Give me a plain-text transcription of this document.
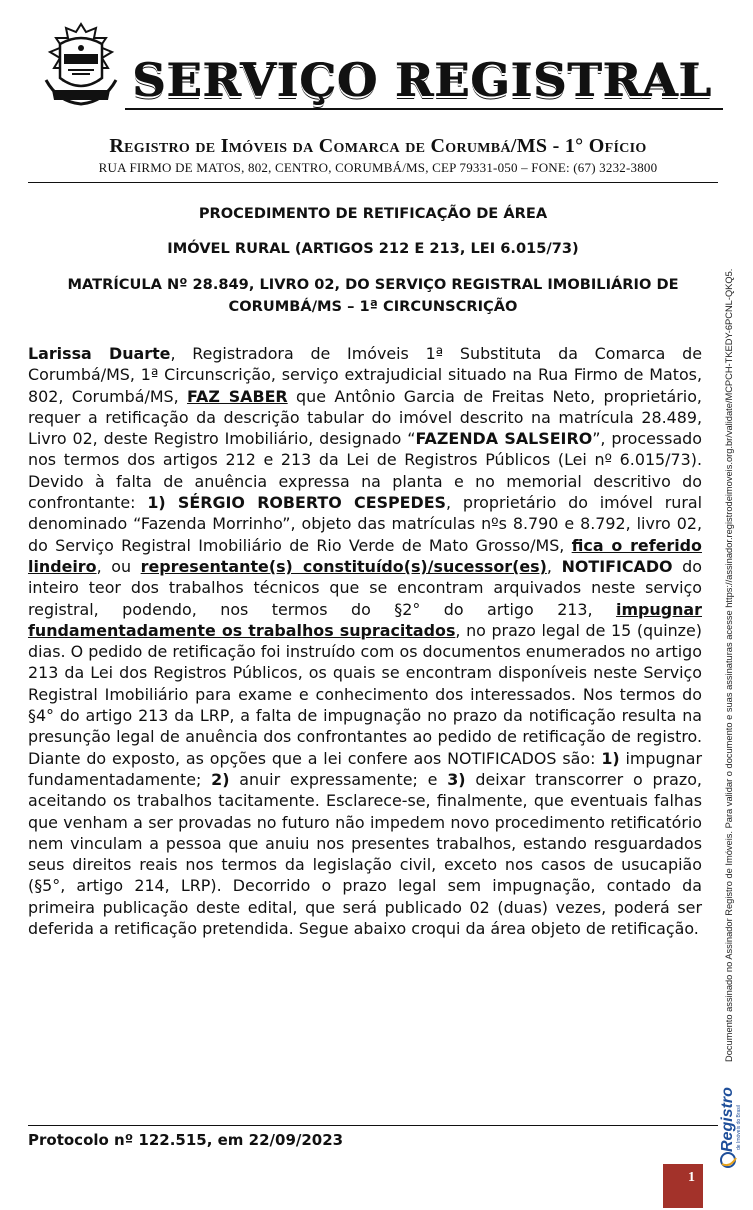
SERVIÇO REGISTRAL
Registro de Imóveis da Comarca de Corumbá/MS - 1° Ofício
RUA FIRMO DE MATOS, 802, CENTRO, CORUMBÁ/MS, CEP 79331-050 – FONE: (67) 3232-3800
PROCEDIMENTO DE RETIFICAÇÃO DE ÁREA
IMÓVEL RURAL (ARTIGOS 212 E 213, LEI 6.015/73)
MATRÍCULA Nº 28.849, LIVRO 02, DO SERVIÇO REGISTRAL IMOBILIÁRIO DE CORUMBÁ/MS – 1ª CIRCUNSCRIÇÃO
Larissa Duarte, Registradora de Imóveis 1ª Substituta da Comarca de Corumbá/MS, 1ª Circunscrição, serviço extrajudicial situado na Rua Firmo de Matos, 802, Corumbá/MS, FAZ SABER que Antônio Garcia de Freitas Neto, proprietário, requer a retificação da descrição tabular do imóvel descrito na matrícula 28.489, Livro 02, deste Registro Imobiliário, designado “FAZENDA SALSEIRO”, processado nos termos dos artigos 212 e 213 da Lei de Registros Públicos (Lei nº 6.015/73). Devido à falta de anuência expressa na planta e no memorial descritivo do confrontante: 1) SÉRGIO ROBERTO CESPEDES, proprietário do imóvel rural denominado “Fazenda Morrinho”, objeto das matrículas nºs 8.790 e 8.792, livro 02, do Serviço Registral Imobiliário de Rio Verde de Mato Grosso/MS, fica o referido lindeiro, ou representante(s) constituído(s)/sucessor(es), NOTIFICADO do inteiro teor dos trabalhos técnicos que se encontram arquivados neste serviço registral, podendo, nos termos do §2° do artigo 213, impugnar fundamentadamente os trabalhos supracitados, no prazo legal de 15 (quinze) dias. O pedido de retificação foi instruído com os documentos enumerados no artigo 213 da Lei dos Registros Públicos, os quais se encontram disponíveis neste Serviço Registral Imobiliário para exame e conhecimento dos interessados. Nos termos do §4° do artigo 213 da LRP, a falta de impugnação no prazo da notificação resulta na presunção legal de anuência dos confrontantes ao pedido de retificação de registro. Diante do exposto, as opções que a lei confere aos NOTIFICADOS são: 1) impugnar fundamentadamente; 2) anuir expressamente; e 3) deixar transcorrer o prazo, aceitando os trabalhos tacitamente. Esclarece-se, finalmente, que eventuais falhas que venham a ser provadas no futuro não impedem novo procedimento retificatório nem vinculam a pessoa que anuiu nos presentes trabalhos, estando resguardados seus direitos reais nos termos da legislação civil, exceto nos casos de usucapião (§5°, artigo 214, LRP). Decorrido o prazo legal sem impugnação, contado da primeira publicação deste edital, que será publicado 02 (duas) vezes, poderá ser deferida a retificação pretendida. Segue abaixo croqui da área objeto de retificação.
Protocolo nº 122.515, em 22/09/2023
Documento assinado no Assinador Registro de Imóveis. Para validar o documento e suas assinaturas acesse https://assinador.registrodeimoveis.org.br/validate/MCPCH-TKEDY-6PCNL-QKQ5.
Registro de Imóveis do Brasil
1
